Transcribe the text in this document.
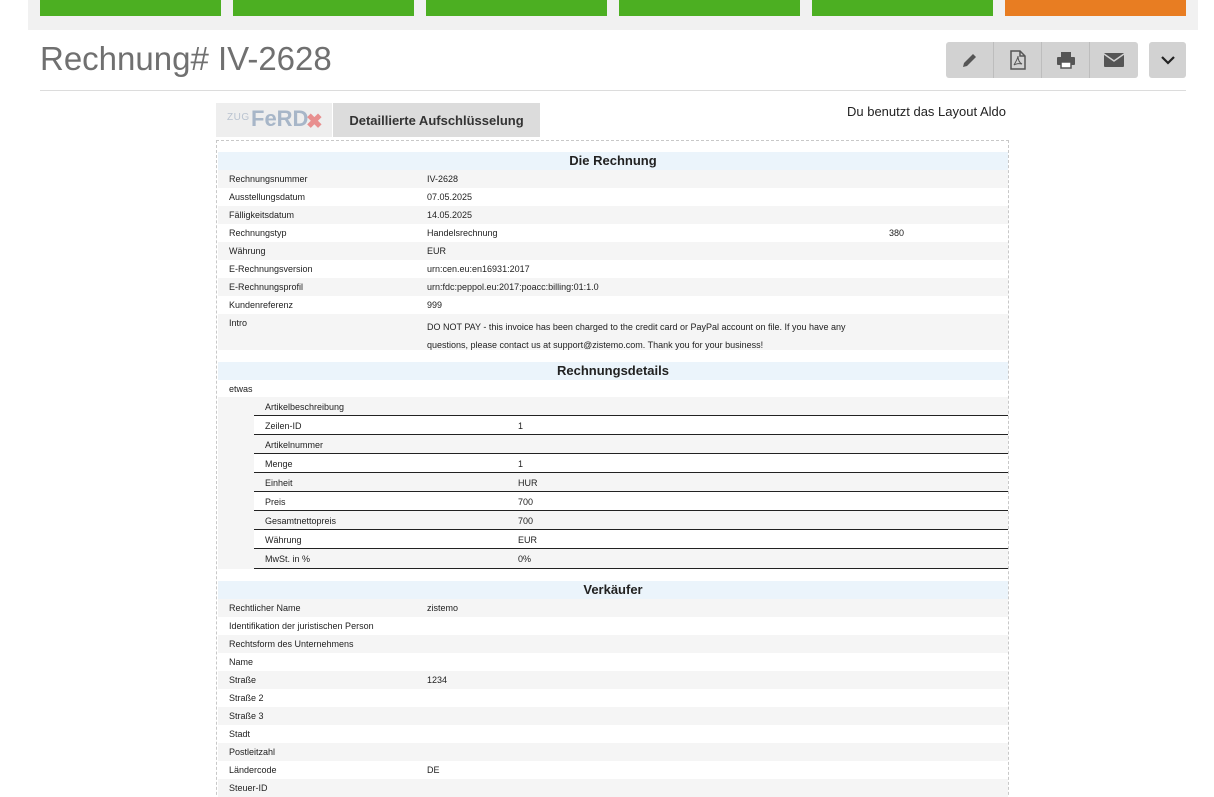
Rechnung# IV-2628
ZUG FeRD
✖	Detaillierte Aufschlüsselung
Du benutzt das Layout Aldo
Die Rechnung
Rechnungsnummer	IV-2628
Ausstellungsdatum	07.05.2025
Fälligkeitsdatum	14.05.2025
Rechnungstyp	Handelsrechnung	380
Währung	EUR
E-Rechnungsversion	urn:cen.eu:en16931:2017
E-Rechnungsprofil	urn:fdc:peppol.eu:2017:poacc:billing:01:1.0
Kundenreferenz	999
Intro	DO NOT PAY - this invoice has been charged to the credit card or PayPal account on file. If you have any questions, please contact us at support@zistemo.com. Thank you for your business!
Rechnungsdetails
etwas
Artikelbeschreibung
Zeilen-ID	1
Artikelnummer
Menge	1
Einheit	HUR
Preis	700
Gesamtnettopreis	700
Währung	EUR
MwSt. in %	0%
Verkäufer
Rechtlicher Name	zistemo
Identifikation der juristischen Person
Rechtsform des Unternehmens
Name
Straße	1234
Straße 2
Straße 3
Stadt
Postleitzahl
Ländercode	DE
Steuer-ID
